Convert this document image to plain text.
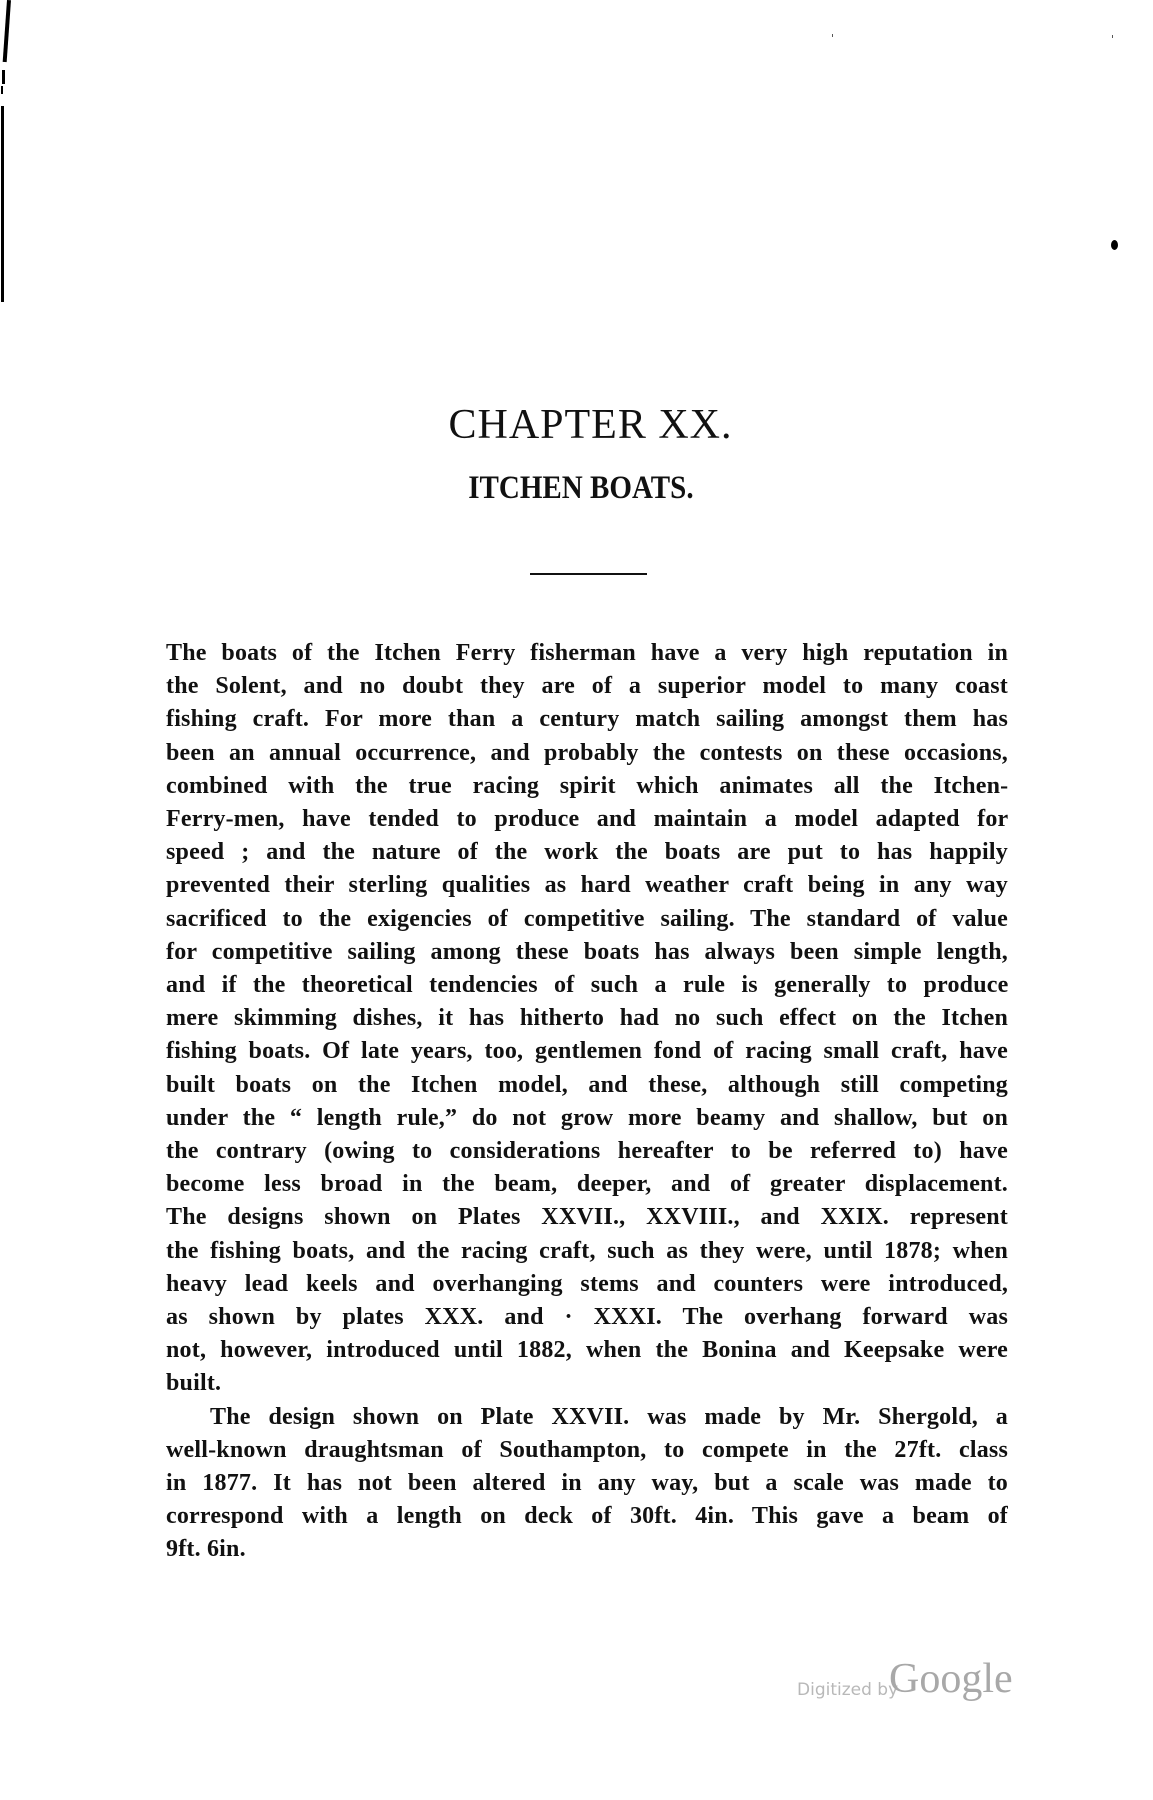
CHAPTER XX.
ITCHEN BOATS.
The boats of the Itchen Ferry fisherman have a very high reputation in
the Solent, and no doubt they are of a superior model to many coast
fishing craft. For more than a century match sailing amongst them has
been an annual occurrence, and probably the contests on these occasions,
combined with the true racing spirit which animates all the Itchen-
Ferry-men, have tended to produce and maintain a model adapted for
speed ; and the nature of the work the boats are put to has happily
prevented their sterling qualities as hard weather craft being in any way
sacrificed to the exigencies of competitive sailing. The standard of value
for competitive sailing among these boats has always been simple length,
and if the theoretical tendencies of such a rule is generally to produce
mere skimming dishes, it has hitherto had no such effect on the Itchen
fishing boats. Of late years, too, gentlemen fond of racing small craft, have
built boats on the Itchen model, and these, although still competing
under the “ length rule,” do not grow more beamy and shallow, but on
the contrary (owing to considerations hereafter to be referred to) have
become less broad in the beam, deeper, and of greater displacement.
The designs shown on Plates XXVII., XXVIII., and XXIX. represent
the fishing boats, and the racing craft, such as they were, until 1878; when
heavy lead keels and overhanging stems and counters were introduced,
as shown by plates XXX. and · XXXI. The overhang forward was
not, however, introduced until 1882, when the Bonina and Keepsake were
built.
The design shown on Plate XXVII. was made by Mr. Shergold, a
well-known draughtsman of Southampton, to compete in the 27ft. class
in 1877. It has not been altered in any way, but a scale was made to
correspond with a length on deck of 30ft. 4in. This gave a beam of
9ft. 6in.
Digitized by
Google
